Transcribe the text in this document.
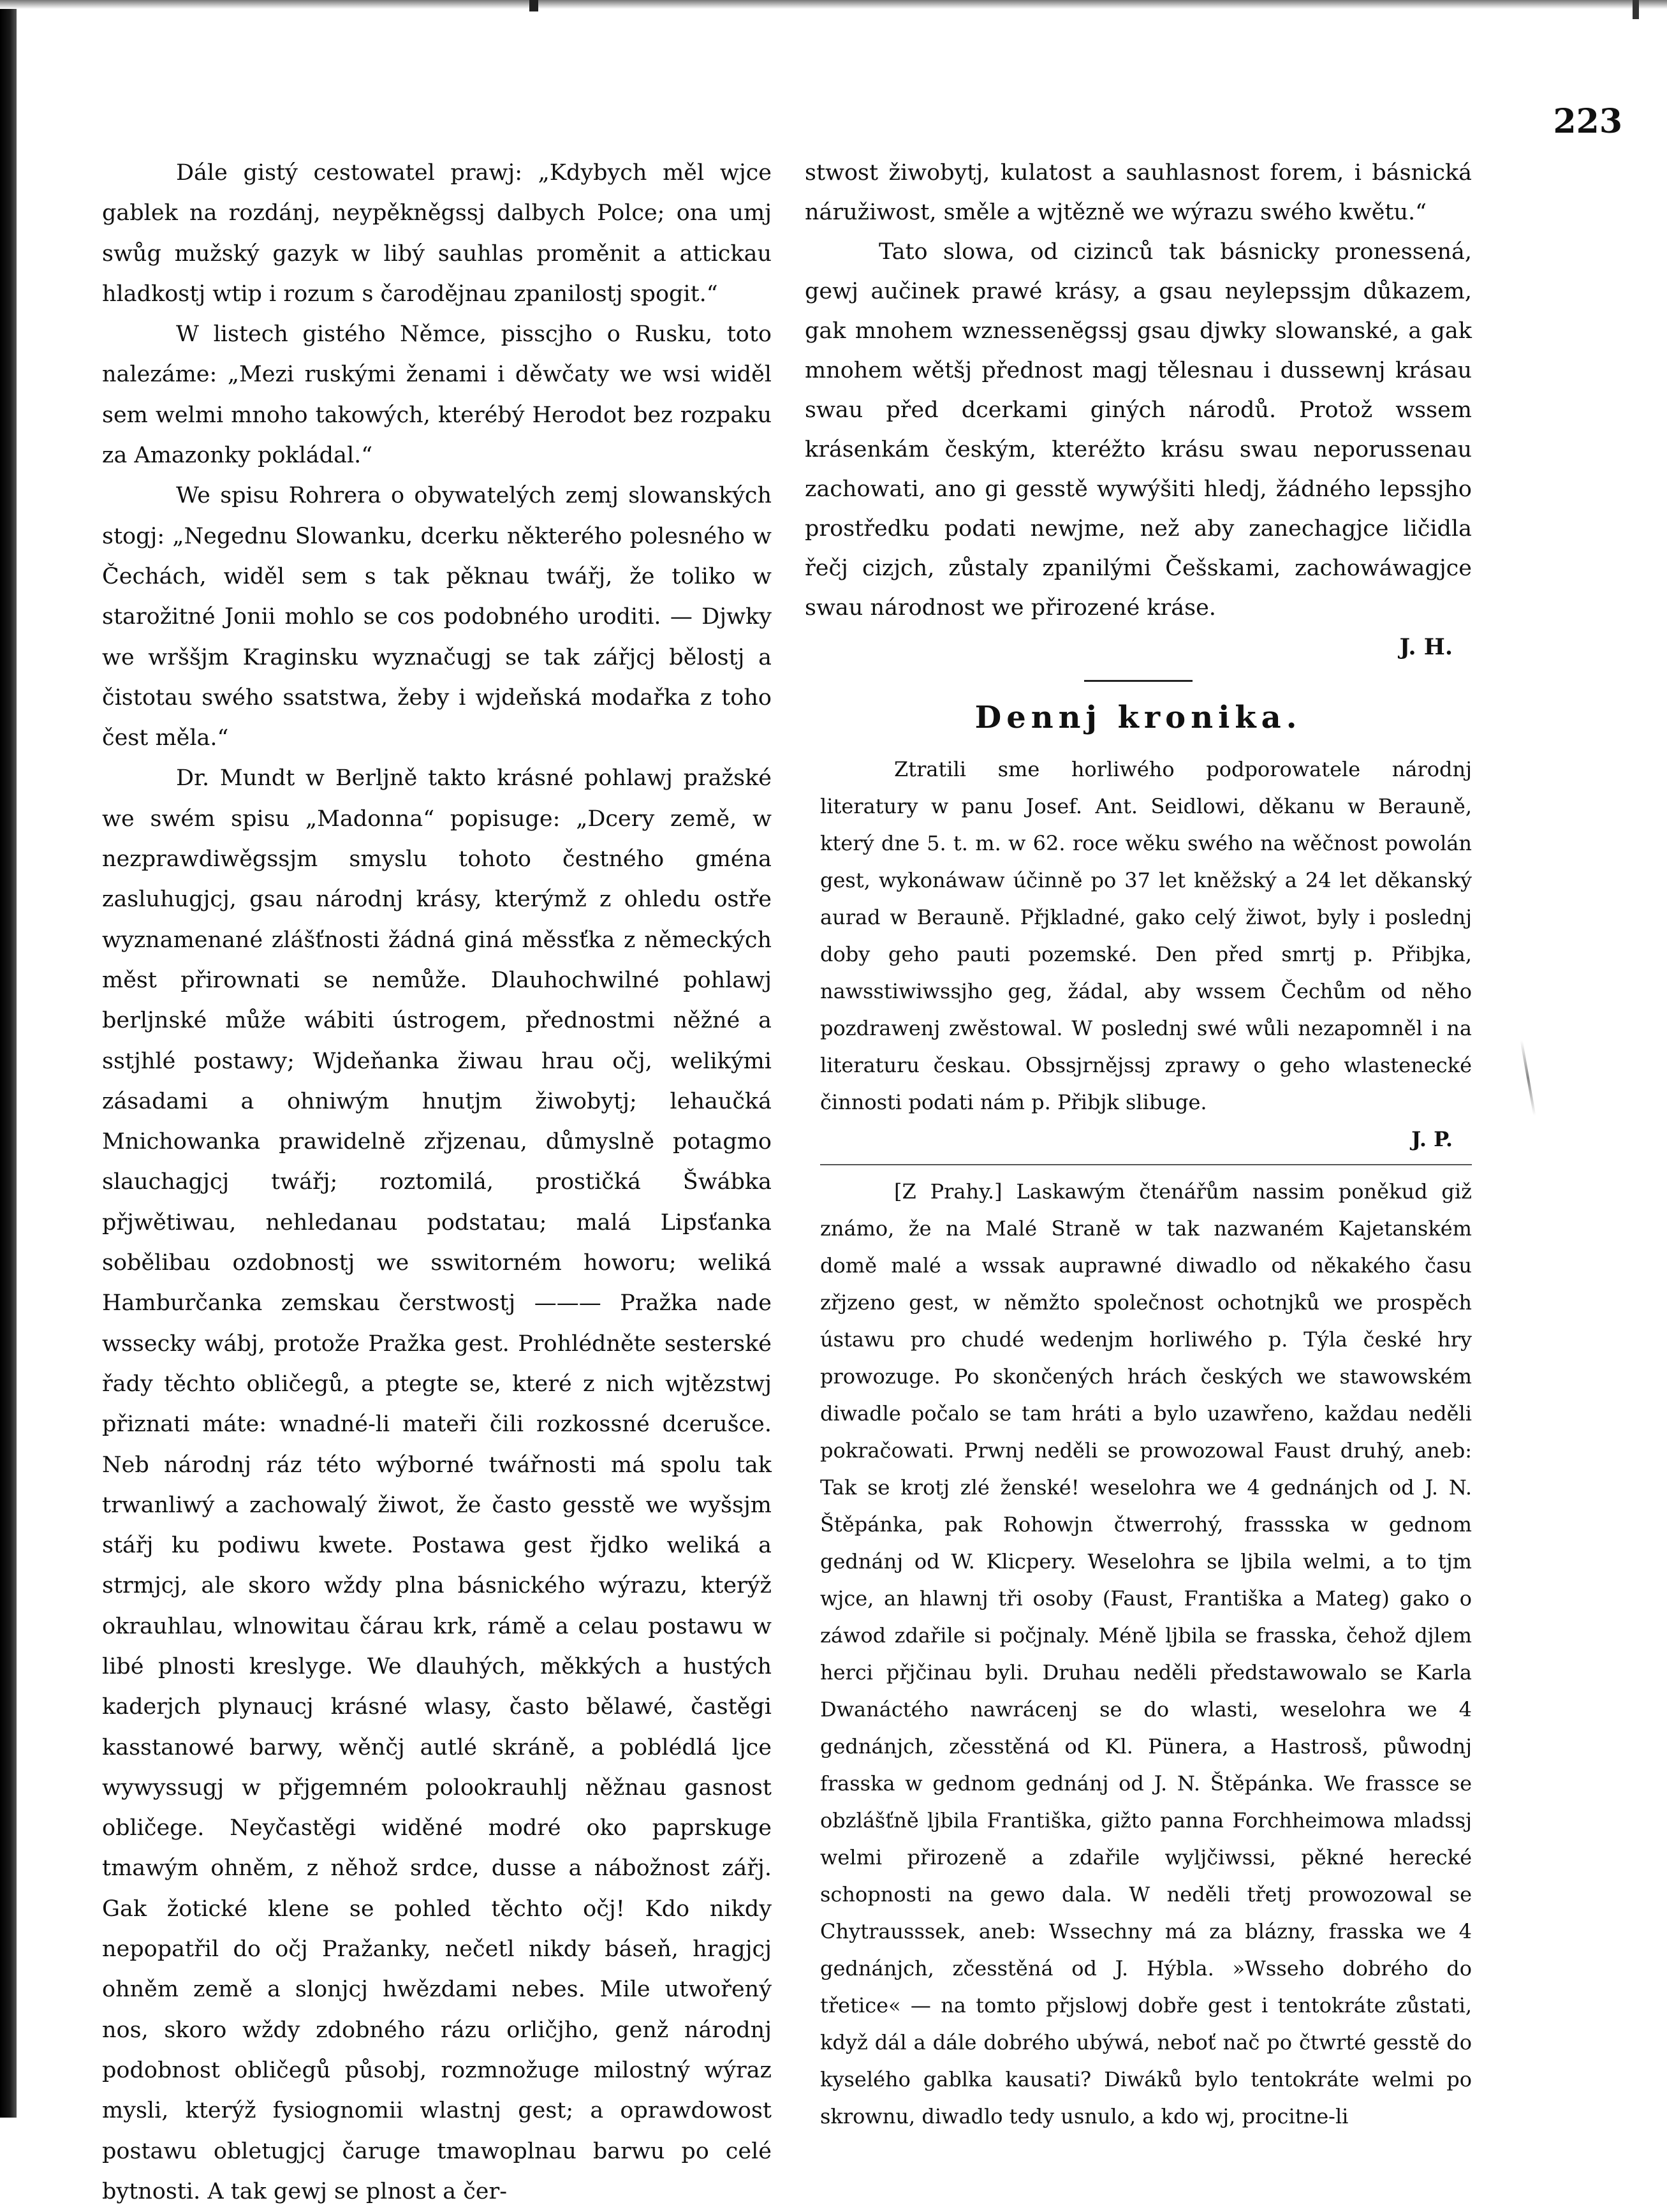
223

Dále gistý cestowatel prawj: „Kdybych měl wjce gablek na rozdánj, neypěkněgssj dalbych Polce; ona umj swůg mužský gazyk w libý sauhlas proměnit a attickau hladkostj wtip i rozum s čarodějnau zpanilostj spogit.“

W listech gistého Němce, pisscjho o Rusku, toto nalezáme: „Mezi ruskými ženami i děwčaty we wsi widěl sem welmi mnoho takowých, kterébý Herodot bez rozpaku za Amazonky pokládal.“

We spisu Rohrera o obywatelých zemj slowanských stogj: „Negednu Slowanku, dcerku některého polesného w Čechách, widěl sem s tak pěknau twářj, že toliko w starožitné Jonii mohlo se cos podobného uroditi. — Djwky we wrššjm Kraginsku wyznačugj se tak zářjcj bělostj a čistotau swého ssatstwa, žeby i wjdeňská modařka z toho čest měla.“

Dr. Mundt w Berljně takto krásné pohlawj pražské we swém spisu „Madonna“ popisuge: „Dcery země, w nezprawdiwěgssjm smyslu tohoto čestného gména zasluhugjcj, gsau národnj krásy, kterýmž z ohledu ostře wyznamenané zlášťnosti žádná giná měssťka z německých měst přirownati se nemůže. Dlauhochwilné pohlawj berljnské může wábiti ústrogem, přednostmi něžné a sstjhlé postawy; Wjdeňanka žiwau hrau očj, welikými zásadami a ohniwým hnutjm žiwobytj; lehaučká Mnichowanka prawidelně zřjzenau, důmyslně potagmo slauchagjcj twářj; roztomilá, prostičká Šwábka přjwětiwau, nehledanau podstatau; malá Lipsťanka sobělibau ozdobnostj we sswitorném howoru; weliká Hamburčanka zemskau čerstwostj ——— Pražka nade wssecky wábj, protože Pražka gest. Prohlédněte sesterské řady těchto obličegů, a ptegte se, které z nich wjtězstwj přiznati máte: wnadné-li mateři čili rozkossné dcerušce. Neb národnj ráz této wýborné twářnosti má spolu tak trwanliwý a zachowalý žiwot, že často gesstě we wyšsjm stářj ku podiwu kwete. Postawa gest řjdko weliká a strmjcj, ale skoro wždy plna básnického wýrazu, kterýž okrauhlau, wlnowitau čárau krk, rámě a celau postawu w libé plnosti kreslуge. We dlauhých, měkkých a hustých kaderjch plynaucj krásné wlasy, často bělawé, častěgi kasstanowé barwy, wěnčj autlé skráně, a poblédlá ljce wywyssugj w přjgemném polookrauhlj něžnau gasnost obličege. Neyčastěgi widěné modré oko paprskuge tmawým ohněm, z něhož srdce, dusse a nábožnost zářj. Gak žotické klene se pohled těchto očj! Kdo nikdy nepopatřil do očj Pražanky, nečetl nikdy báseň, hragjcj ohněm země a slonjcj hwězdami nebes. Mile utwořený nos, skoro wždy zdobného rázu orličjho, genž národnj podobnost obličegů působj, rozmnožuge milostný wýraz mysli, kterýž fysiognomii wlastnj gest; a oprawdowost postawu obletugjcj čaruge tmawoplnau barwu po celé bytnosti. A tak gewj se plnost a čer-

stwost žiwobytj, kulatost a sauhlasnost forem, i básnická náružiwost, směle a wjtězně we wýrazu swého kwětu.“

Tato slowa, od cizinců tak básnicky pronessená, gewj aučinek prawé krásy, a gsau neylepssjm důkazem, gak mnohem wznessenĕgssj gsau djwky slowanské, a gak mnohem wětšj přednost magj tělesnau i dussewnj krásau swau před dcerkami giných národů. Protož wssem krásenkám českým, kteréžto krásu swau neporussenau zachowati, ano gi gesstě wywýšiti hledj, žádného lepssjho prostředku podati newjme, než aby zanechagjce ličidla řečj cizjch, zůstaly zpanilými Češskami, zachowáwagjce swau národnost we přirozené kráse.

J. H.

Dennj kronika.

Ztratili sme horliwého podporowatele národnj literatury w panu Josef. Ant. Seidlowi, děkanu w Berauně, který dne 5. t. m. w 62. roce wěku swého na wěčnost powolán gest, wykonáwaw účinně po 37 let kněžský a 24 let děkanský aurad w Berauně. Přjkladné, gako celý žiwot, byly i poslednj doby geho pauti pozemské. Den před smrtj p. Přibjka, nawsstiwiwssjho geg, žádal, aby wssem Čechům od něho pozdrawenj zwěstowal. W poslednj swé wůli nezapomněl i na literaturu českau. Obssjrnějssj zprawy o geho wlastenecké činnosti podati nám p. Přibjk slibuge.

J. P.

[Z Prahy.] Laskawým čtenářům nassim poněkud giž známo, že na Malé Straně w tak nazwaném Kajetanském domě malé a wssak auprawné diwadlo od někakého času zřjzeno gest, w němžto společnost ochotnjků we prospěch ústawu pro chudé wedenjm horliwého p. Týla české hry prowozuge. Po skončených hrách českých we stawowském diwadle počalo se tam hráti a bylo uzawřeno, každau neděli pokračowati. Prwnj neděli se prowozowal Faust druhý, aneb: Tak se krotj zlé ženské! weselohra we 4 gednánjch od J. N. Štěpánka, pak Rohowjn čtwerrohý, frassska w gednom gednánj od W. Klicpery. Weselohra se ljbila welmi, a to tjm wjce, an hlawnj tři osoby (Faust, Františka a Mateg) gako o záwod zdařile si počjnaly. Méně ljbila se frasska, čehož djlem herci přjčinau byli. Druhau neděli předstawowalo se Karla Dwanáctého nawrácenj se do wlasti, weselohra we 4 gednánjch, zčesstěná od Kl. Pünera, a Hastrosš, půwodnj frasska w gednom gednánj od J. N. Štěpánka. We frassce se obzlášťně ljbila Františka, gižto panna Forchheimowa mladssj welmi přirozeně a zdařile wyljčiwssi, pěkné herecké schopnosti na gewo dala. W neděli třetj prowozowal se Chytrausssek, aneb: Wssechny má za blázny, frasska we 4 gednánjch, zčesstěná od J. Hýbla. »Wsseho dobrého do třetice« — na tomto přjslowj dobře gest i tentokráte zůstati, když dál a dále dobrého ubýwá, neboť nač po čtwrté gesstě do kyselého gablka kausati? Diwáků bylo tentokráte welmi po skrownu, diwadlo tedy usnulo, a kdo wj, procitne-li
